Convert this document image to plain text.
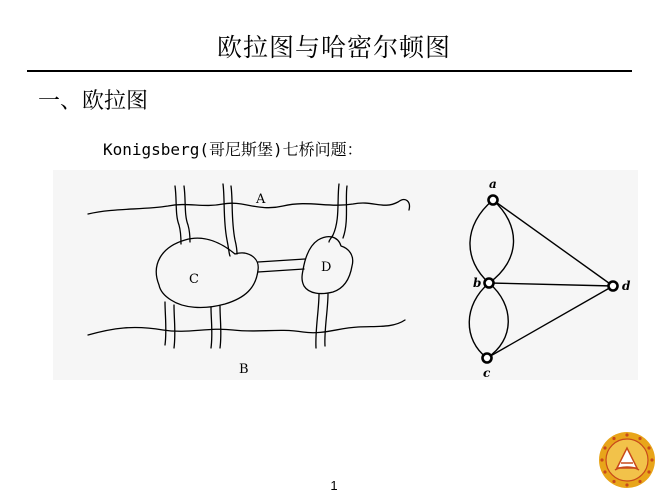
欧拉图与哈密尔顿图
一、欧拉图
Konigsberg(哥尼斯堡)七桥问题：
A
B
C
D
a
b
c
d
1
